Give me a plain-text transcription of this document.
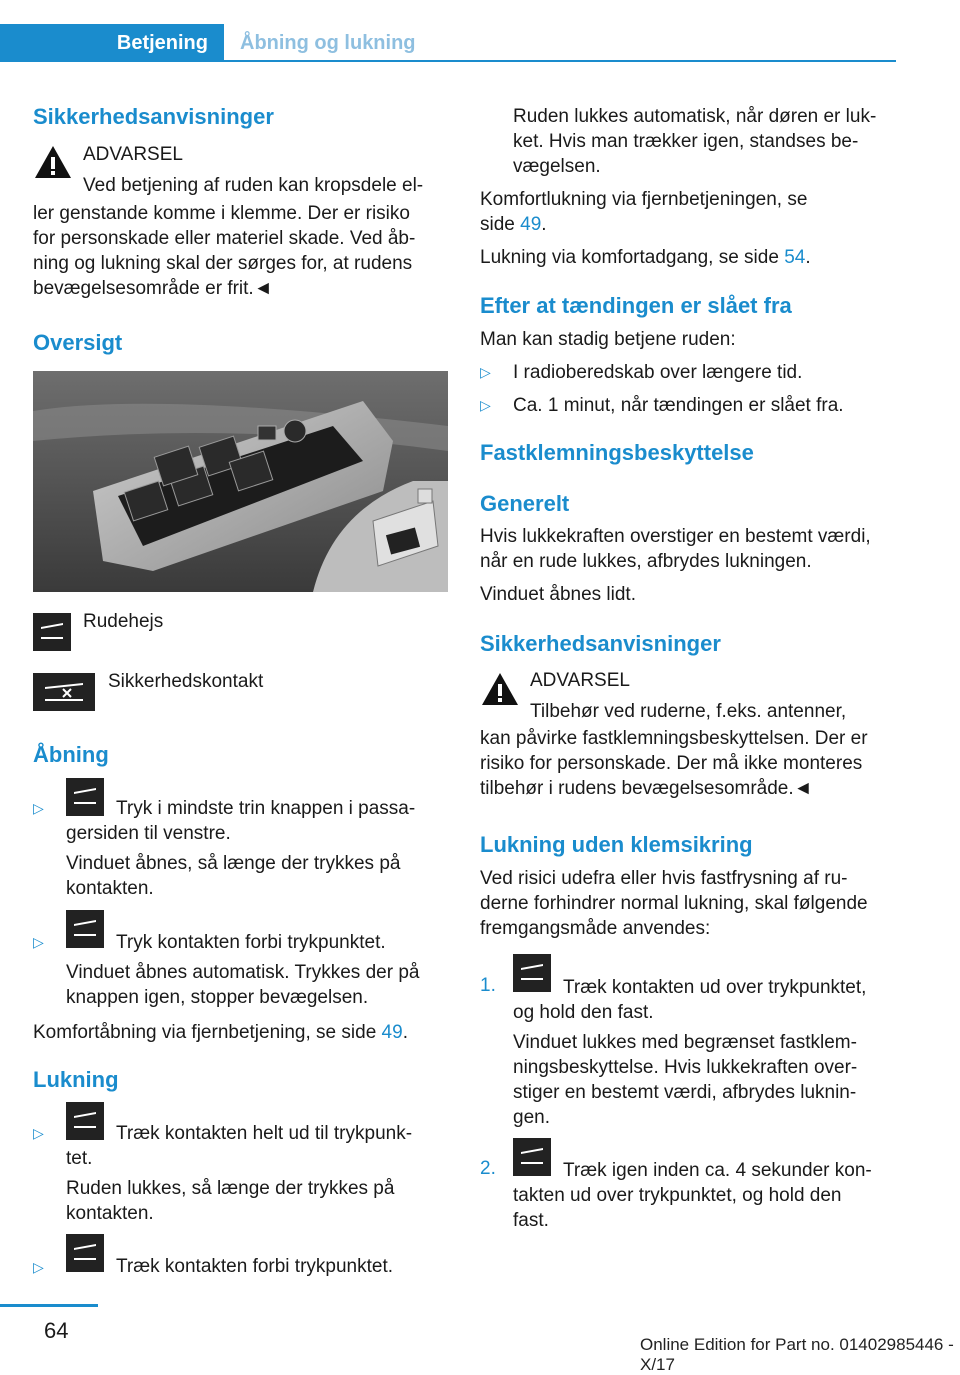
Betjening	Åbning og lukning
Sikkerhedsanvisninger
ADVARSEL
Ved betjening af ruden kan kropsdele el-
ler genstande komme i klemme. Der er risiko
for personskade eller materiel skade. Ved åb-
ning og lukning skal der sørges for, at rudens
bevægelsesområde er frit.◄
Oversigt
Rudehejs
Sikkerhedskontakt
Åbning
▷	Tryk i mindste trin knappen i passa-
gersiden til venstre.
Vinduet åbnes, så længe der trykkes på
kontakten.
▷	Tryk kontakten forbi trykpunktet.
Vinduet åbnes automatisk. Trykkes der på
knappen igen, stopper bevægelsen.
Komfortåbning via fjernbetjening, se side 49.
Lukning
▷	Træk kontakten helt ud til trykpunk-
tet.
Ruden lukkes, så længe der trykkes på
kontakten.
▷	Træk kontakten forbi trykpunktet.
Ruden lukkes automatisk, når døren er luk-
ket. Hvis man trækker igen, standses be-
vægelsen.
Komfortlukning via fjernbetjeningen, se
side 49.
Lukning via komfortadgang, se side 54.
Efter at tændingen er slået fra
Man kan stadig betjene ruden:
▷ I radioberedskab over længere tid.
▷ Ca. 1 minut, når tændingen er slået fra.
Fastklemningsbeskyttelse
Generelt
Hvis lukkekraften overstiger en bestemt værdi,
når en rude lukkes, afbrydes lukningen.
Vinduet åbnes lidt.
Sikkerhedsanvisninger
ADVARSEL
Tilbehør ved ruderne, f.eks. antenner,
kan påvirke fastklemningsbeskyttelsen. Der er
risiko for personskade. Der må ikke monteres
tilbehør i rudens bevægelsesområde.◄
Lukning uden klemsikring
Ved risici udefra eller hvis fastfrysning af ru-
derne forhindrer normal lukning, skal følgende
fremgangsmåde anvendes:
1.	Træk kontakten ud over trykpunktet,
og hold den fast.
Vinduet lukkes med begrænset fastklem-
ningsbeskyttelse. Hvis lukkekraften over-
stiger en bestemt værdi, afbrydes luknin-
gen.
2.	Træk igen inden ca. 4 sekunder kon-
takten ud over trykpunktet, og hold den
fast.
64
Online Edition for Part no. 01402985446 - X/17
